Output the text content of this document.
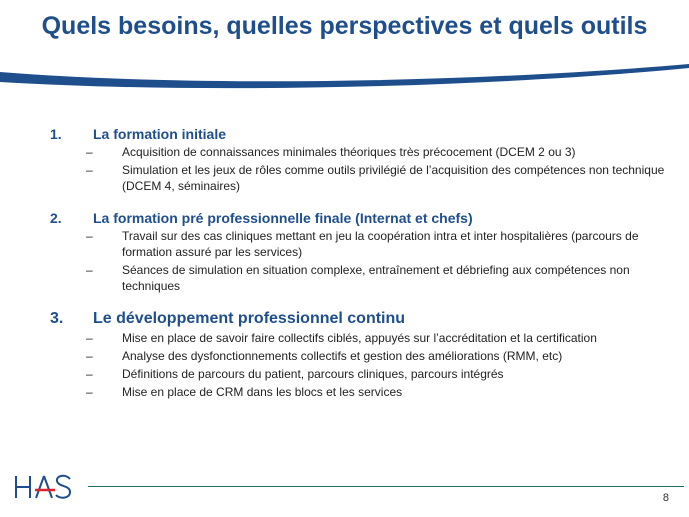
Quels besoins, quelles perspectives et quels outils
1. La formation initiale
– Acquisition de connaissances minimales théoriques très précocement (DCEM 2 ou 3)
– Simulation et les jeux de rôles comme outils privilégié de l’acquisition des compétences non technique (DCEM 4, séminaires)
2. La formation pré professionnelle finale (Internat et chefs)
– Travail sur des cas cliniques mettant en jeu la coopération intra et inter hospitalières (parcours de formation assuré par les services)
– Séances de simulation en situation complexe, entraînement et débriefing aux compétences non techniques
3. Le développement professionnel continu
– Mise en place de savoir faire collectifs ciblés, appuyés sur l’accréditation et la certification
– Analyse des dysfonctionnements collectifs et gestion des améliorations (RMM, etc)
– Définitions de parcours du patient, parcours cliniques, parcours intégrés
– Mise en place de CRM dans les blocs et les services
8
